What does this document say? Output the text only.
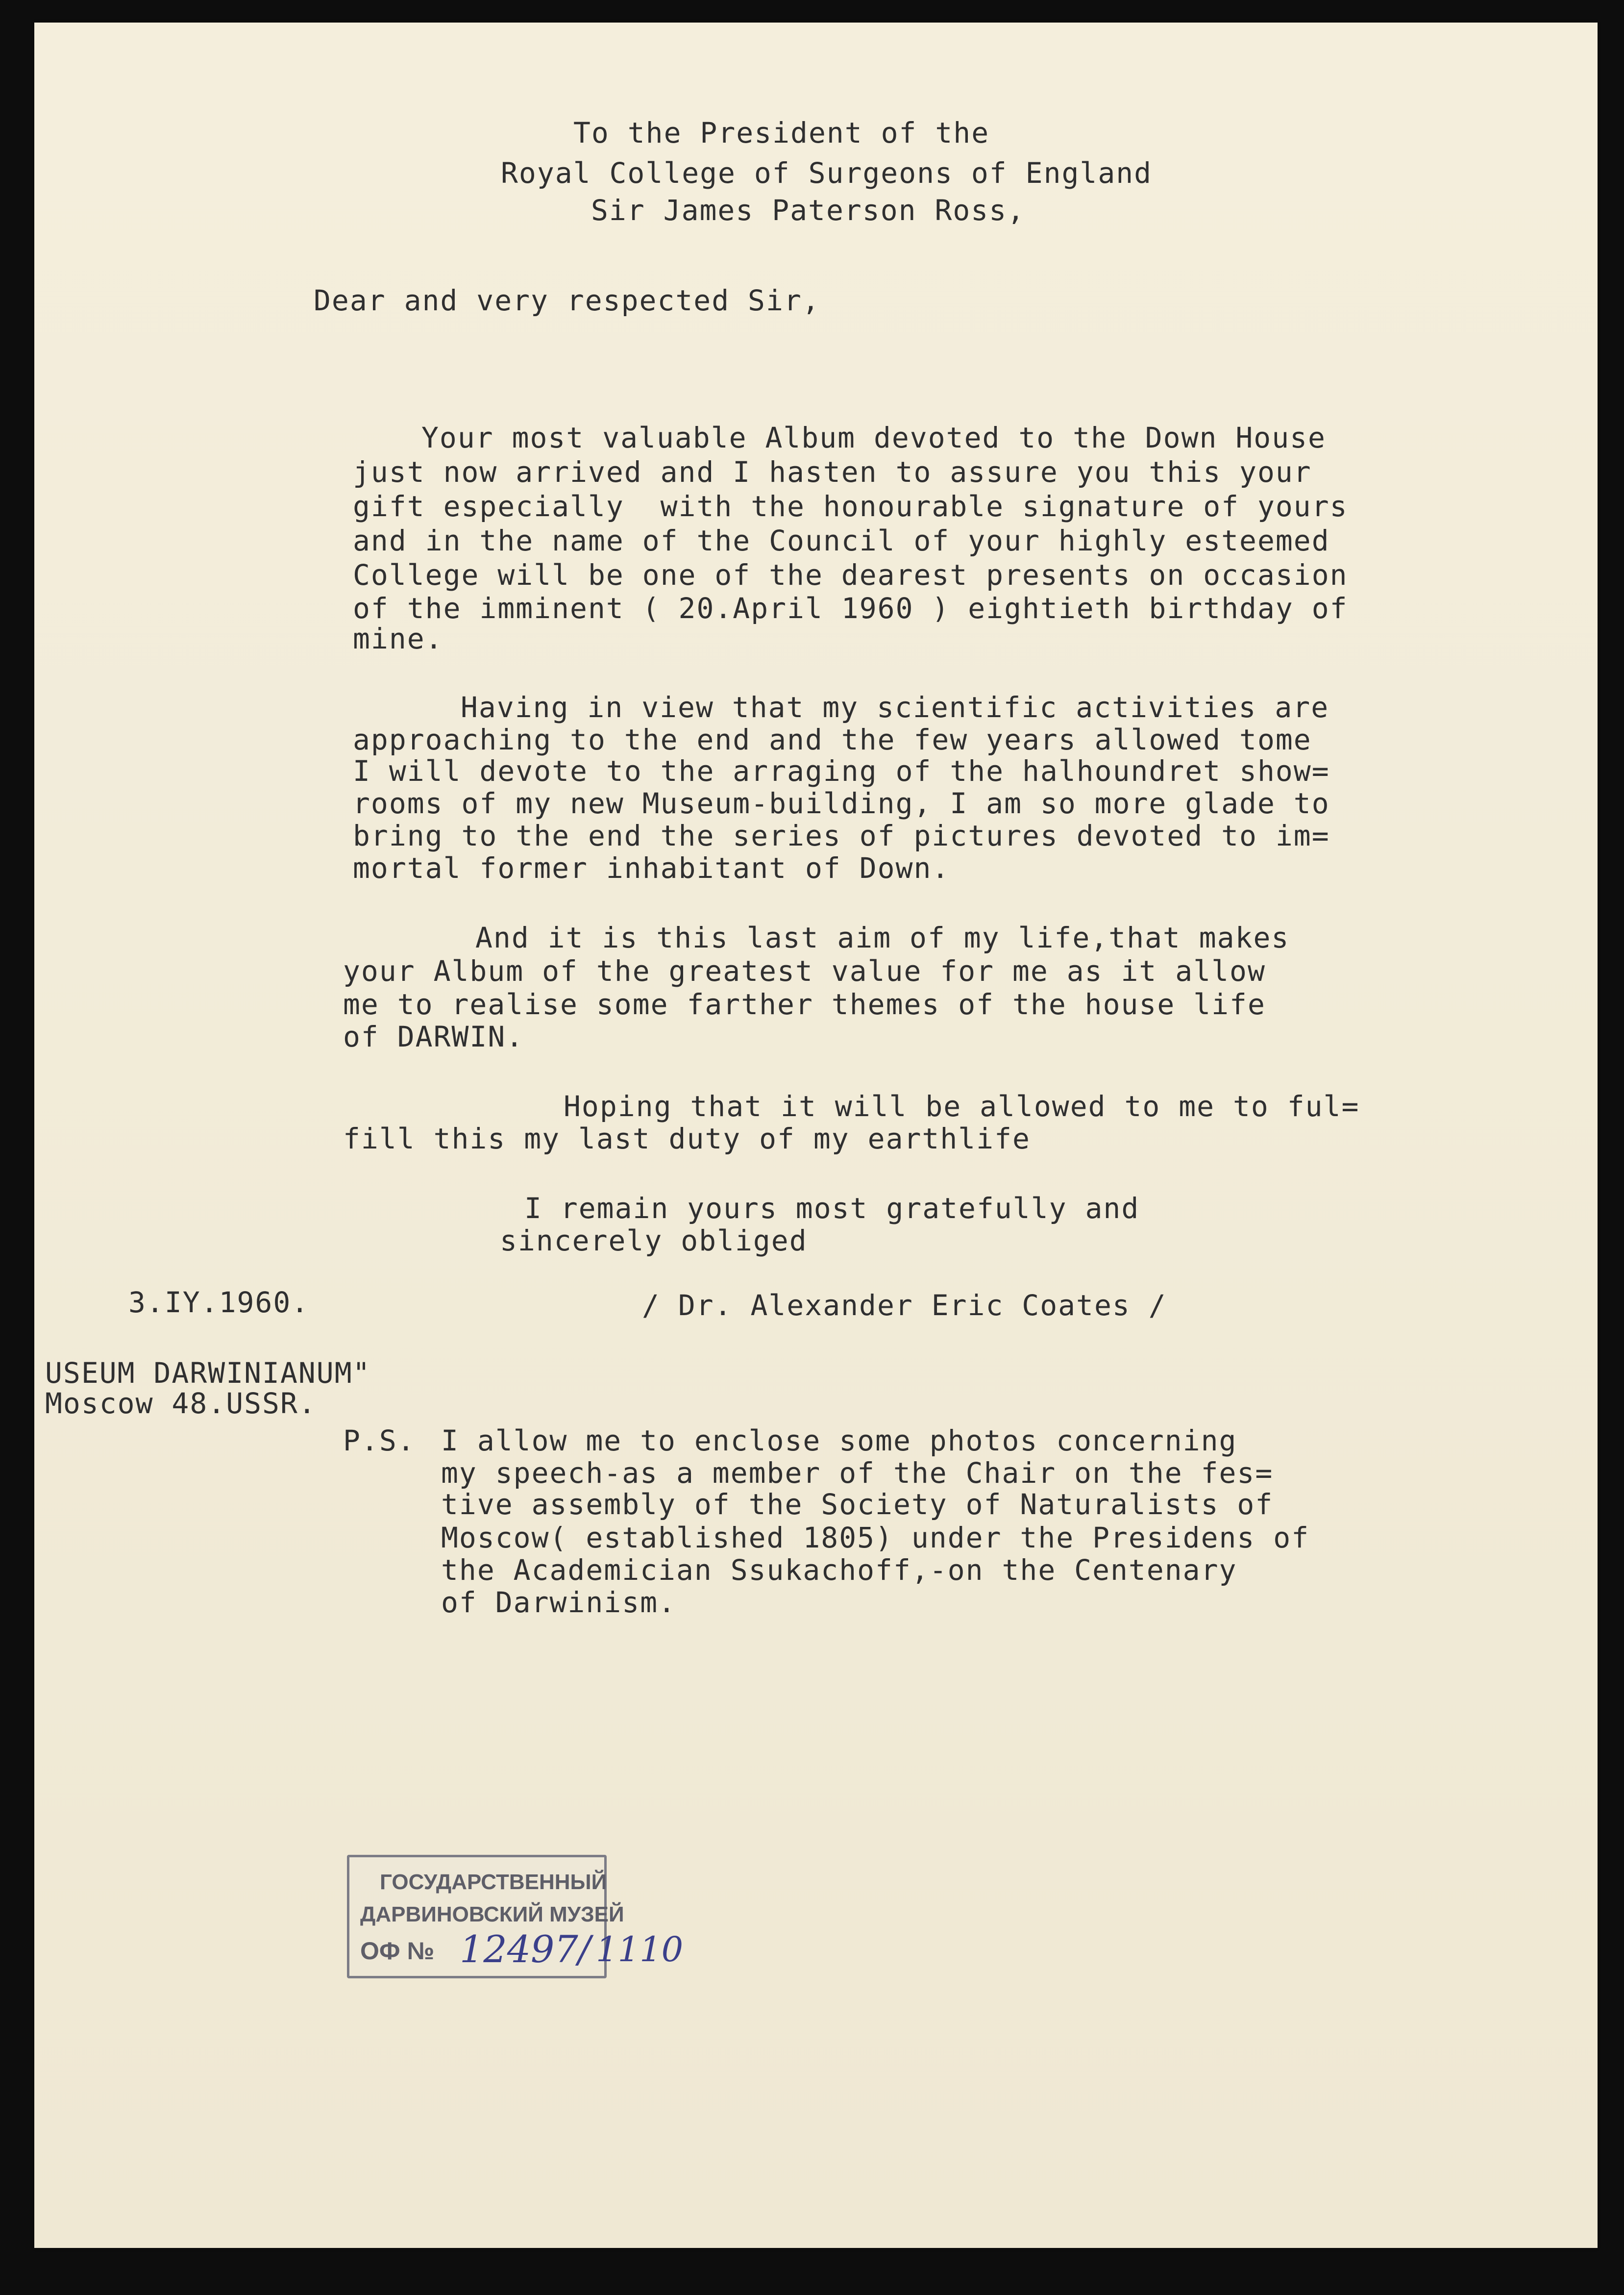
To the President of the
Royal College of Surgeons of England
Sir James Paterson Ross,
Dear and very respected Sir,
Your most valuable Album devoted to the Down House
just now arrived and I hasten to assure you this your
gift especially  with the honourable signature of yours
and in the name of the Council of your highly esteemed
College will be one of the dearest presents on occasion
of the imminent ( 20.April 1960 ) eightieth birthday of
mine.
Having in view that my scientific activities are
approaching to the end and the few years allowed tome
I will devote to the arraging of the halhoundret show=
rooms of my new Museum-building, I am so more glade to
bring to the end the series of pictures devoted to im=
mortal former inhabitant of Down.
And it is this last aim of my life,that makes
your Album of the greatest value for me as it allow
me to realise some farther themes of the house life
of DARWIN.
Hoping that it will be allowed to me to ful=
fill this my last duty of my earthlife
I remain yours most gratefully and
sincerely obliged
3.IY.1960.	/ Dr. Alexander Eric Coates /
USEUM DARWINIANUM"
Moscow 48.USSR.
P.S. I allow me to enclose some photos concerning
my speech-as a member of the Chair on the fes=
tive assembly of the Society of Naturalists of
Moscow( established 1805) under the Presidens of
the Academician Ssukachoff,-on the Centenary
of Darwinism.
ГОСУДАРСТВЕННЫЙ
ДАРВИНОВСКИЙ МУЗЕЙ
ОФ № 12497/ 1110
